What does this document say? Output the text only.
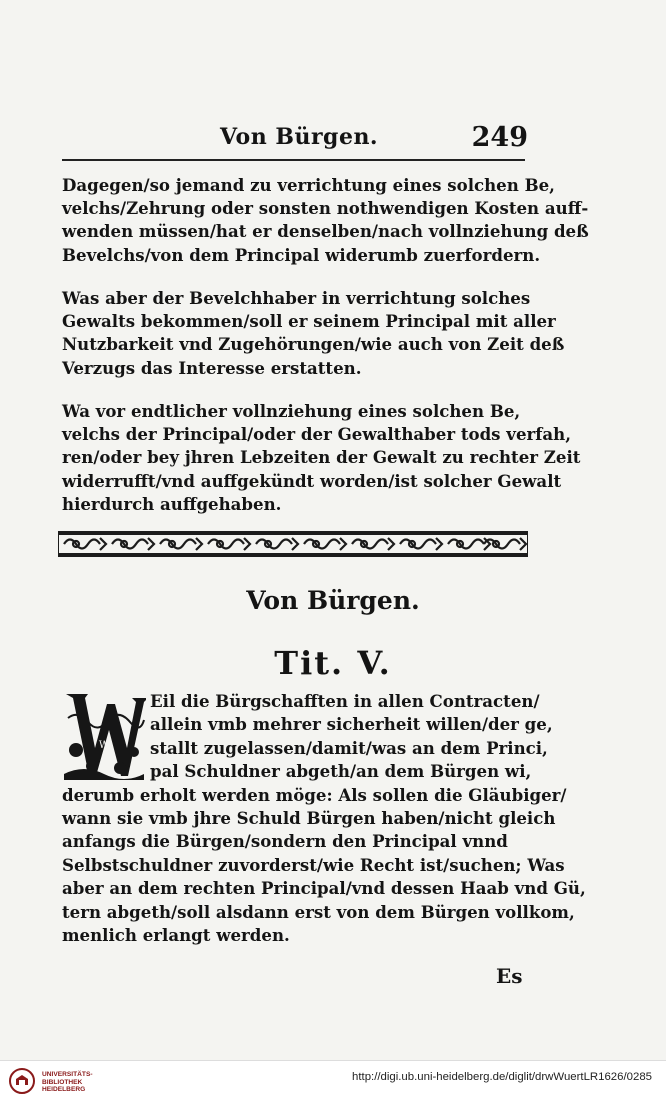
Von Bürgen.	249
Dagegen/so jemand zu verrichtung eines solchen Be,
velchs/Zehrung oder sonsten nothwendigen Kosten auff-
wenden müssen/hat er denselben/nach vollnziehung deß
Bevelchs/von dem Principal widerumb zuerfordern.
Was aber der Bevelchhaber in verrichtung solches
Gewalts bekommen/soll er seinem Principal mit aller
Nutzbarkeit vnd Zugehörungen/wie auch von Zeit deß
Verzugs das Interesse erstatten.
Wa vor endtlicher vollnziehung eines solchen Be,
velchs der Principal/oder der Gewalthaber tods verfah,
ren/oder bey jhren Lebzeiten der Gewalt zu rechter Zeit
widerrufft/vnd auffgekündt worden/ist solcher Gewalt
hierdurch auffgehaben.
Von Bürgen.
Tit. V.
W
Eil die Bürgschafften in allen Contracten/
allein vmb mehrer sicherheit willen/der ge,
stallt zugelassen/damit/was an dem Princi,
pal Schuldner abgeth/an dem Bürgen wi,
derumb erholt werden möge: Als sollen die Gläubiger/
wann sie vmb jhre Schuld Bürgen haben/nicht gleich
anfangs die Bürgen/sondern den Principal vnnd
Selbstschuldner zuvorderst/wie Recht ist/suchen; Was
aber an dem rechten Principal/vnd dessen Haab vnd Gü,
tern abgeth/soll alsdann erst von dem Bürgen vollkom,
menlich erlangt werden.
Es
UNIVERSITÄTS-
BIBLIOTHEK
HEIDELBERG
http://digi.ub.uni-heidelberg.de/diglit/drwWuertLR1626/0285
